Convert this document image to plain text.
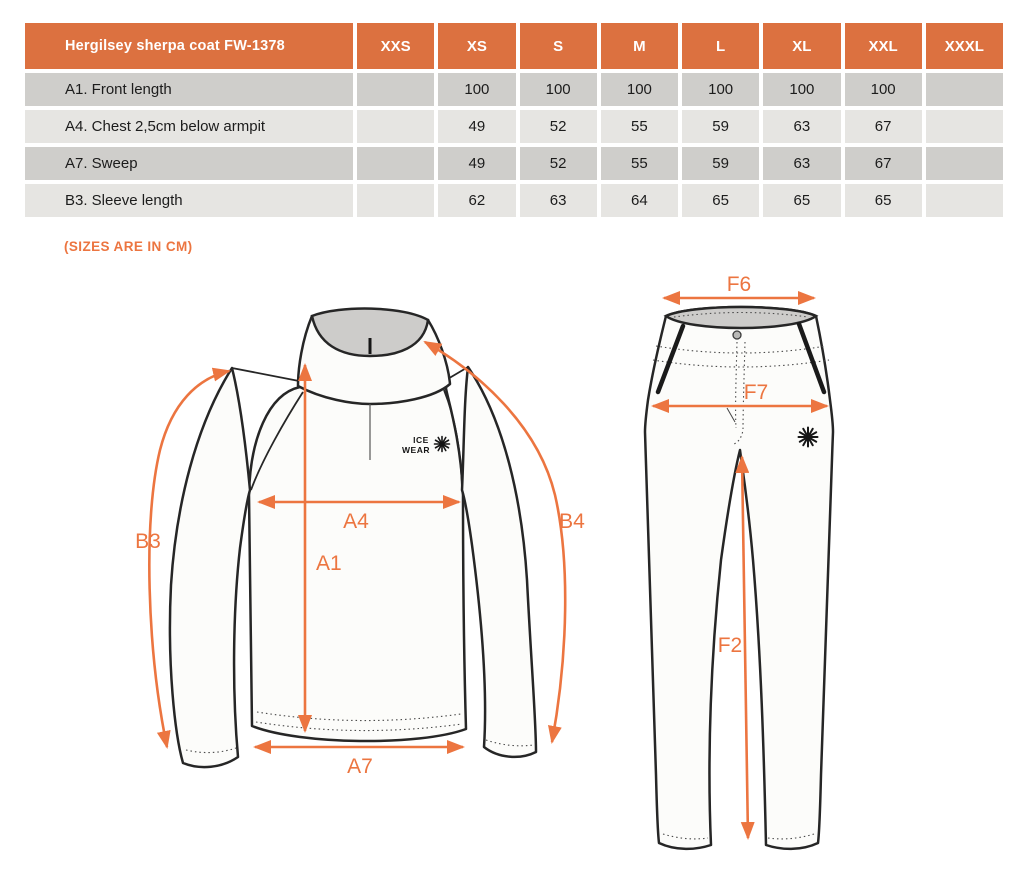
Hergilsey sherpa coat FW-1378	XXS	XS	S	M	L	XL	XXL	XXXL
A1. Front length		100	100	100	100	100	100	
A4. Chest 2,5cm below armpit		49	52	55	59	63	67	
A7. Sweep		49	52	55	59	63	67	
B3. Sleeve length		62	63	64	65	65	65	
(SIZES ARE IN CM)
ICE
WEAR
B3
A4
A1
B4
A7
F6
F7
F2
